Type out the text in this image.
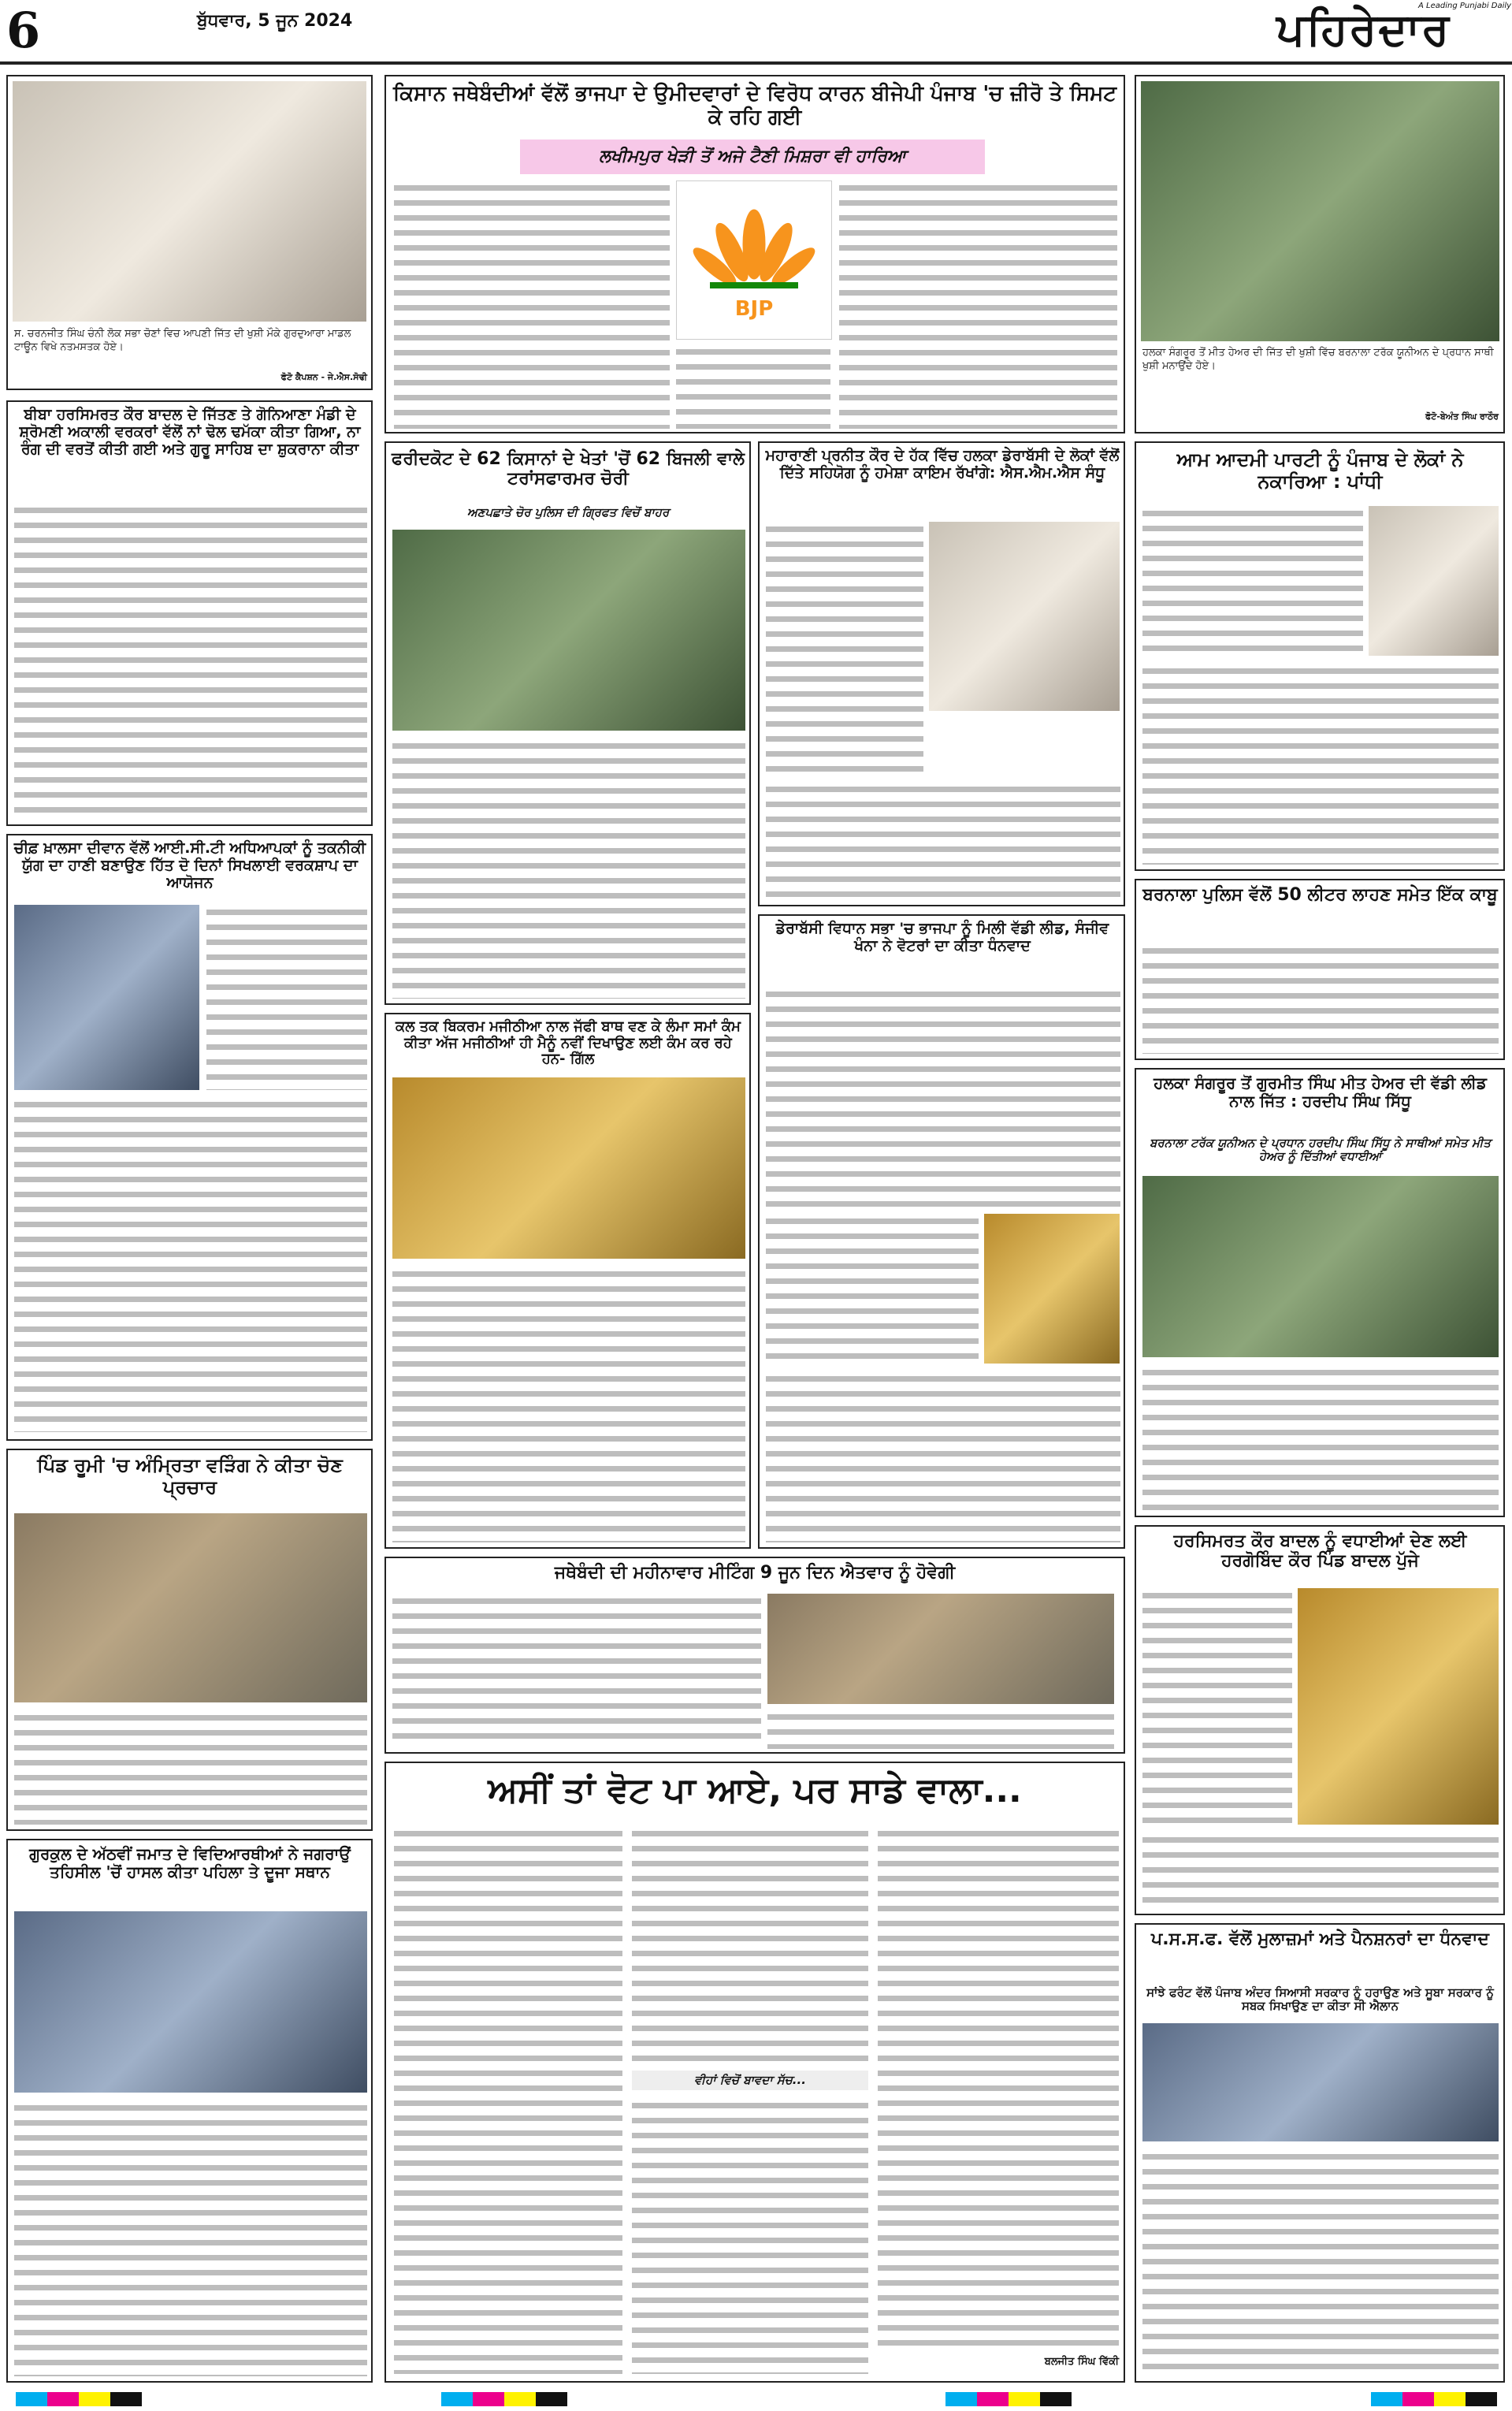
6	ਬੁੱਧਵਾਰ, 5 ਜੂਨ 2024
A Leading Punjabi Daily
ਪਹਿਰੇਦਾਰ
ਸ. ਚਰਨਜੀਤ ਸਿੰਘ ਚੰਨੀ ਲੋਕ ਸਭਾ ਚੋਣਾਂ ਵਿਚ ਆਪਣੀ ਜਿੱਤ ਦੀ ਖੁਸ਼ੀ ਮੌਕੇ ਗੁਰਦੁਆਰਾ ਮਾਡਲ ਟਾਊਨ ਵਿਖੇ ਨਤਮਸਤਕ ਹੋਏ।
ਫੋਟੋ ਕੈਪਸ਼ਨ - ਜੇ.ਐਸ.ਸੋਢੀ
ਕਿਸਾਨ ਜਥੇਬੰਦੀਆਂ ਵੱਲੋਂ ਭਾਜਪਾ ਦੇ ਉਮੀਦਵਾਰਾਂ ਦੇ ਵਿਰੋਧ ਕਾਰਨ ਬੀਜੇਪੀ ਪੰਜਾਬ 'ਚ ਜ਼ੀਰੋ ਤੇ ਸਿਮਟ ਕੇ ਰਹਿ ਗਈ
ਲਖੀਮਪੁਰ ਖੇੜੀ ਤੋਂ ਅਜੇ ਟੈਣੀ ਮਿਸ਼ਰਾ ਵੀ ਹਾਰਿਆ
BJP
ਹਲਕਾ ਸੰਗਰੂਰ ਤੋਂ ਮੀਤ ਹੇਅਰ ਦੀ ਜਿੱਤ ਦੀ ਖੁਸ਼ੀ ਵਿੱਚ ਬਰਨਾਲਾ ਟਰੱਕ ਯੂਨੀਅਨ ਦੇ ਪ੍ਰਧਾਨ ਸਾਥੀ ਖੁਸ਼ੀ ਮਨਾਉਂਦੇ ਹੋਏ।
ਫੋਟੋ-ਬੇਅੰਤ ਸਿੰਘ ਰਾਠੌਰ
ਬੀਬਾ ਹਰਸਿਮਰਤ ਕੌਰ ਬਾਦਲ ਦੇ ਜਿੱਤਣ ਤੇ ਗੋਨਿਆਣਾ ਮੰਡੀ ਦੇ ਸ਼੍ਰੋਮਣੀ ਅਕਾਲੀ ਵਰਕਰਾਂ ਵੱਲੋਂ ਨਾਂ ਢੋਲ ਢਮੱਕਾ ਕੀਤਾ ਗਿਆ, ਨਾ ਰੰਗ ਦੀ ਵਰਤੋਂ ਕੀਤੀ ਗਈ ਅਤੇ ਗੁਰੂ ਸਾਹਿਬ ਦਾ ਸ਼ੁਕਰਾਨਾ ਕੀਤਾ
ਚੀਫ਼ ਖ਼ਾਲਸਾ ਦੀਵਾਨ ਵੱਲੋਂ ਆਈ.ਸੀ.ਟੀ ਅਧਿਆਪਕਾਂ ਨੂੰ ਤਕਨੀਕੀ ਯੁੱਗ ਦਾ ਹਾਣੀ ਬਣਾਉਣ ਹਿੱਤ ਦੋ ਦਿਨਾਂ ਸਿਖਲਾਈ ਵਰਕਸ਼ਾਪ ਦਾ ਆਯੋਜਨ
ਪਿੰਡ ਰੂਮੀ 'ਚ ਅੰਮ੍ਰਿਤਾ ਵੜਿੰਗ ਨੇ ਕੀਤਾ ਚੋਣ ਪ੍ਰਚਾਰ
ਗੁਰਕੁਲ ਦੇ ਅੱਠਵੀਂ ਜਮਾਤ ਦੇ ਵਿਦਿਆਰਥੀਆਂ ਨੇ ਜਗਰਾਉਂ ਤਹਿਸੀਲ 'ਚੋਂ ਹਾਸਲ ਕੀਤਾ ਪਹਿਲਾ ਤੇ ਦੂਜਾ ਸਥਾਨ
ਫਰੀਦਕੋਟ ਦੇ 62 ਕਿਸਾਨਾਂ ਦੇ ਖੇਤਾਂ 'ਚੋਂ 62 ਬਿਜਲੀ ਵਾਲੇ ਟਰਾਂਸਫਾਰਮਰ ਚੋਰੀ
ਅਣਪਛਾਤੇ ਚੋਰ ਪੁਲਿਸ ਦੀ ਗ੍ਰਿਫਤ ਵਿਚੋਂ ਬਾਹਰ
ਕਲ ਤਕ ਬਿਕਰਮ ਮਜੀਠੀਆ ਨਾਲ ਜੱਫੀ ਬਾਥ ਵਣ ਕੇ ਲੰਮਾ ਸਮਾਂ ਕੰਮ ਕੀਤਾ ਅੱਜ ਮਜੀਠੀਆਂ ਹੀ ਮੈਨੂੰ ਨਵੀਂ ਦਿਖਾਉਣ ਲਈ ਕੰਮ ਕਰ ਰਹੇ ਹਨ- ਗਿੱਲ
ਮਹਾਰਾਣੀ ਪ੍ਰਨੀਤ ਕੌਰ ਦੇ ਹੱਕ ਵਿੱਚ ਹਲਕਾ ਡੇਰਾਬੱਸੀ ਦੇ ਲੋਕਾਂ ਵੱਲੋਂ ਦਿੱਤੇ ਸਹਿਯੋਗ ਨੂੰ ਹਮੇਸ਼ਾ ਕਾਇਮ ਰੱਖਾਂਗੇ: ਐਸ.ਐਮ.ਐਸ ਸੰਧੂ
ਡੇਰਾਬੱਸੀ ਵਿਧਾਨ ਸਭਾ 'ਚ ਭਾਜਪਾ ਨੂੰ ਮਿਲੀ ਵੱਡੀ ਲੀਡ, ਸੰਜੀਵ ਖੰਨਾ ਨੇ ਵੋਟਰਾਂ ਦਾ ਕੀਤਾ ਧੰਨਵਾਦ
ਜਥੇਬੰਦੀ ਦੀ ਮਹੀਨਾਵਾਰ ਮੀਟਿੰਗ 9 ਜੂਨ ਦਿਨ ਐਤਵਾਰ ਨੂੰ ਹੋਵੇਗੀ
ਅਸੀਂ ਤਾਂ ਵੋਟ ਪਾ ਆਏ, ਪਰ ਸਾਡੇ ਵਾਲਾ...
ਵੀਹਾਂ ਵਿਚੋਂ ਬਾਵਦਾ ਸੱਚ...
ਬਲਜੀਤ ਸਿੰਘ ਵਿੱਕੀ
ਆਮ ਆਦਮੀ ਪਾਰਟੀ ਨੂੰ ਪੰਜਾਬ ਦੇ ਲੋਕਾਂ ਨੇ ਨਕਾਰਿਆ : ਪਾਂਧੀ
ਬਰਨਾਲਾ ਪੁਲਿਸ ਵੱਲੋਂ 50 ਲੀਟਰ ਲਾਹਣ ਸਮੇਤ ਇੱਕ ਕਾਬੂ
ਹਲਕਾ ਸੰਗਰੂਰ ਤੋਂ ਗੁਰਮੀਤ ਸਿੰਘ ਮੀਤ ਹੇਅਰ ਦੀ ਵੱਡੀ ਲੀਡ ਨਾਲ ਜਿੱਤ : ਹਰਦੀਪ ਸਿੰਘ ਸਿੱਧੂ
ਬਰਨਾਲਾ ਟਰੱਕ ਯੂਨੀਅਨ ਦੇ ਪ੍ਰਧਾਨ ਹਰਦੀਪ ਸਿੰਘ ਸਿੱਧੂ ਨੇ ਸਾਥੀਆਂ ਸਮੇਤ ਮੀਤ ਹੇਅਰ ਨੂੰ ਦਿੱਤੀਆਂ ਵਧਾਈਆਂ
ਹਰਸਿਮਰਤ ਕੌਰ ਬਾਦਲ ਨੂੰ ਵਧਾਈਆਂ ਦੇਣ ਲਈ ਹਰਗੋਬਿੰਦ ਕੌਰ ਪਿੰਡ ਬਾਦਲ ਪੁੱਜੇ
ਪ.ਸ.ਸ.ਫ. ਵੱਲੋਂ ਮੁਲਾਜ਼ਮਾਂ ਅਤੇ ਪੈਨਸ਼ਨਰਾਂ ਦਾ ਧੰਨਵਾਦ
ਸਾਂਝੇ ਫਰੰਟ ਵੱਲੋਂ ਪੰਜਾਬ ਅੰਦਰ ਸਿਆਸੀ ਸਰਕਾਰ ਨੂੰ ਹਰਾਉਣ ਅਤੇ ਸੂਬਾ ਸਰਕਾਰ ਨੂੰ ਸਬਕ ਸਿਖਾਉਣ ਦਾ ਕੀਤਾ ਸੀ ਐਲਾਨ
